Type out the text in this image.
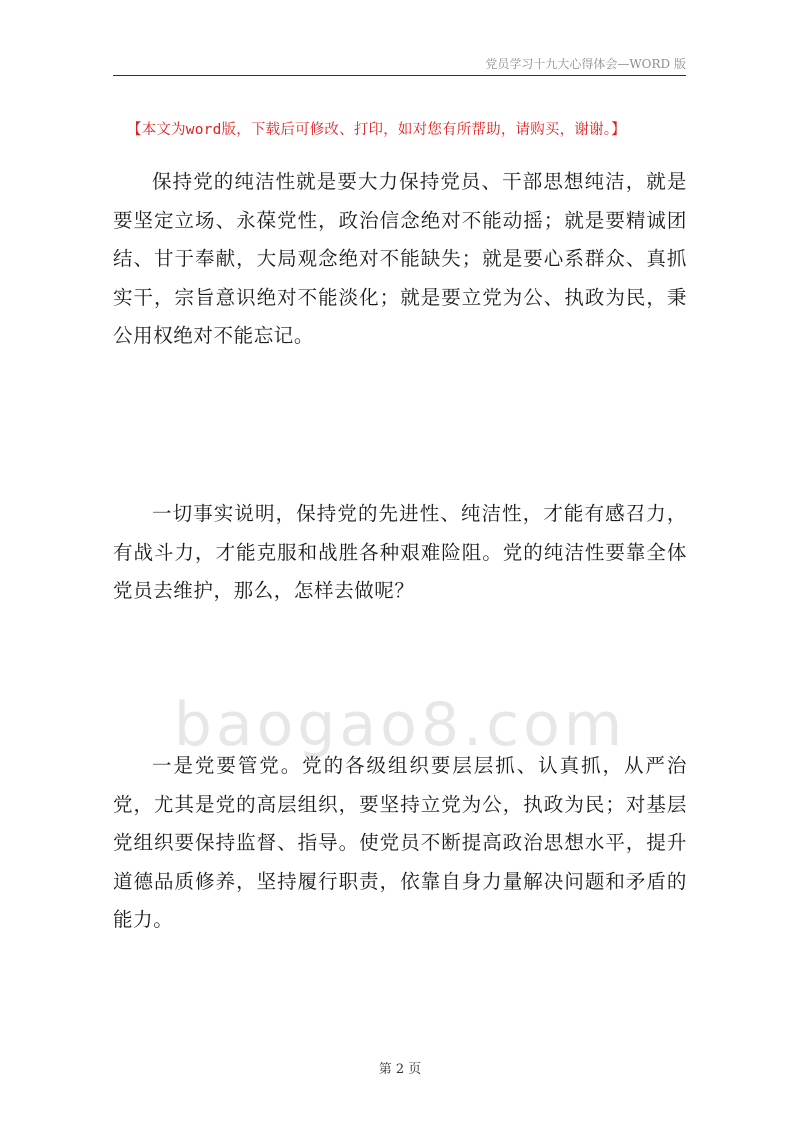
党员学习十九大心得体会—WORD 版
【本文为word版，下载后可修改、打印，如对您有所帮助，请购买，谢谢。】

保持党的纯洁性就是要大力保持党员、干部思想纯洁，就是要坚定立场、永葆党性，政治信念绝对不能动摇；就是要精诚团结、甘于奉献，大局观念绝对不能缺失；就是要心系群众、真抓实干，宗旨意识绝对不能淡化；就是要立党为公、执政为民，秉公用权绝对不能忘记。

一切事实说明，保持党的先进性、纯洁性，才能有感召力，有战斗力，才能克服和战胜各种艰难险阻。党的纯洁性要靠全体党员去维护，那么，怎样去做呢？

baogao8.com

一是党要管党。党的各级组织要层层抓、认真抓，从严治党，尤其是党的高层组织，要坚持立党为公，执政为民；对基层党组织要保持监督、指导。使党员不断提高政治思想水平，提升道德品质修养，坚持履行职责，依靠自身力量解决问题和矛盾的能力。

第 2 页
